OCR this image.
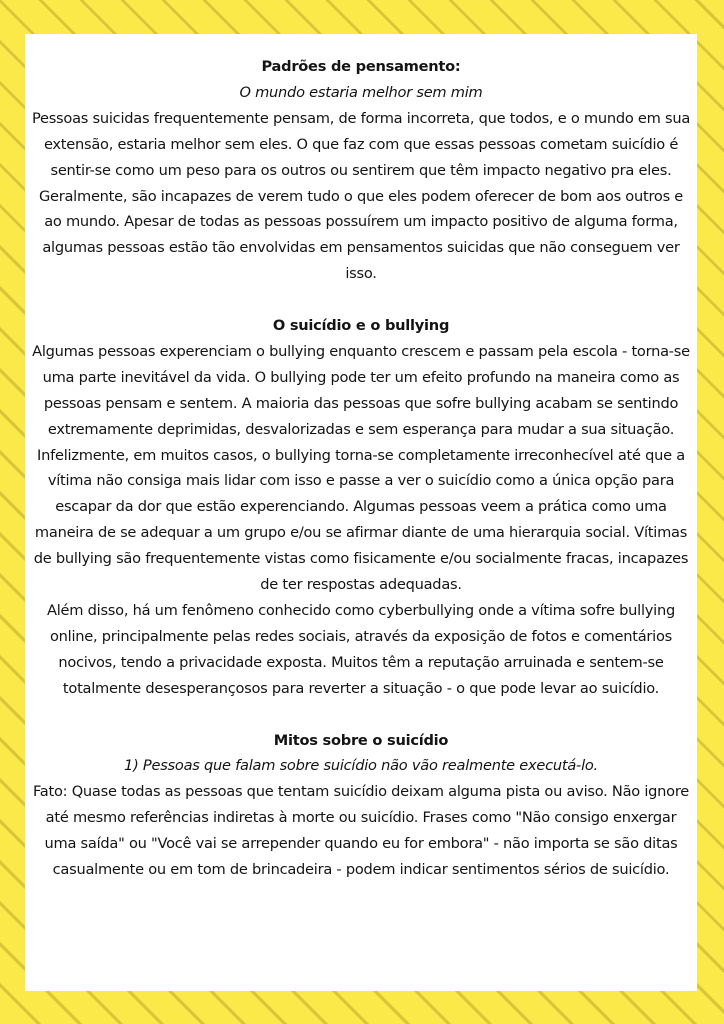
Padrões de pensamento:

O mundo estaria melhor sem mim

Pessoas suicidas frequentemente pensam, de forma incorreta, que todos, e o mundo em sua extensão, estaria melhor sem eles. O que faz com que essas pessoas cometam suicídio é sentir-se como um peso para os outros ou sentirem que têm impacto negativo pra eles. Geralmente, são incapazes de verem tudo o que eles podem oferecer de bom aos outros e ao mundo. Apesar de todas as pessoas possuírem um impacto positivo de alguma forma, algumas pessoas estão tão envolvidas em pensamentos suicidas que não conseguem ver isso.

O suicídio e o bullying

Algumas pessoas experenciam o bullying enquanto crescem e passam pela escola - torna-se uma parte inevitável da vida. O bullying pode ter um efeito profundo na maneira como as pessoas pensam e sentem. A maioria das pessoas que sofre bullying acabam se sentindo extremamente deprimidas, desvalorizadas e sem esperança para mudar a sua situação.

Infelizmente, em muitos casos, o bullying torna-se completamente irreconhecível até que a vítima não consiga mais lidar com isso e passe a ver o suicídio como a única opção para escapar da dor que estão experenciando. Algumas pessoas veem a prática como uma maneira de se adequar a um grupo e/ou se afirmar diante de uma hierarquia social. Vítimas de bullying são frequentemente vistas como fisicamente e/ou socialmente fracas, incapazes de ter respostas adequadas.

Além disso, há um fenômeno conhecido como cyberbullying onde a vítima sofre bullying online, principalmente pelas redes sociais, através da exposição de fotos e comentários nocivos, tendo a privacidade exposta. Muitos têm a reputação arruinada e sentem-se totalmente desesperançosos para reverter a situação - o que pode levar ao suicídio.

Mitos sobre o suicídio

1) Pessoas que falam sobre suicídio não vão realmente executá-lo.

Fato: Quase todas as pessoas que tentam suicídio deixam alguma pista ou aviso. Não ignore até mesmo referências indiretas à morte ou suicídio. Frases como "Não consigo enxergar uma saída" ou "Você vai se arrepender quando eu for embora" - não importa se são ditas casualmente ou em tom de brincadeira - podem indicar sentimentos sérios de suicídio.
